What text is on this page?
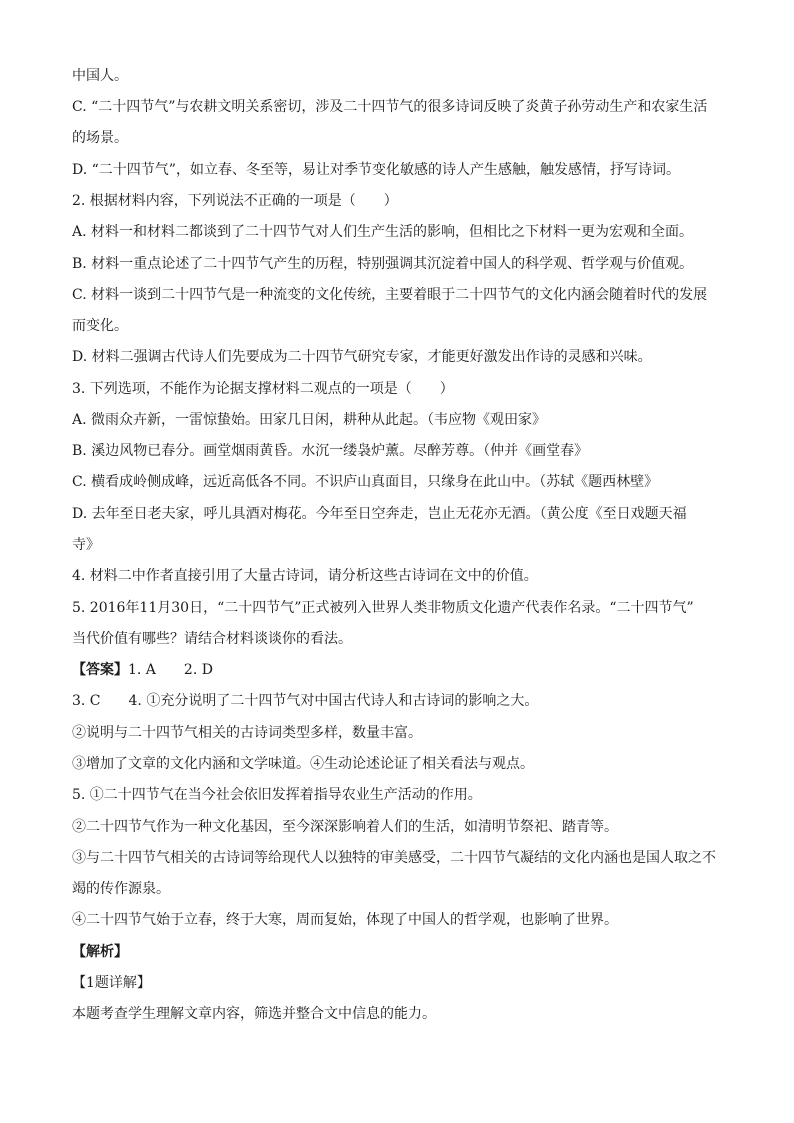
中国人。
C. “二十四节气”与农耕文明关系密切，涉及二十四节气的很多诗词反映了炎黄子孙劳动生产和农家生活
的场景。
D. “二十四节气”，如立春、冬至等，易让对季节变化敏感的诗人产生感触，触发感情，抒写诗词。
2. 根据材料内容，下列说法不正确的一项是（　　）
A. 材料一和材料二都谈到了二十四节气对人们生产生活的影响，但相比之下材料一更为宏观和全面。
B. 材料一重点论述了二十四节气产生的历程，特别强调其沉淀着中国人的科学观、哲学观与价值观。
C. 材料一谈到二十四节气是一种流变的文化传统，主要着眼于二十四节气的文化内涵会随着时代的发展
而变化。
D. 材料二强调古代诗人们先要成为二十四节气研究专家，才能更好激发出作诗的灵感和兴味。
3. 下列选项，不能作为论据支撑材料二观点的一项是（　　）
A. 微雨众卉新，一雷惊蛰始。田家几日闲，耕种从此起。（韦应物《观田家》
B. 溪边风物已春分。画堂烟雨黄昏。水沉一缕袅炉薰。尽醉芳尊。（仲并《画堂春》
C. 横看成岭侧成峰，远近高低各不同。不识庐山真面目，只缘身在此山中。（苏轼《题西林壁》
D. 去年至日老夫家，呼儿具酒对梅花。今年至日空奔走，岂止无花亦无酒。（黄公度《至日戏题天福
寺》
4. 材料二中作者直接引用了大量古诗词，请分析这些古诗词在文中的价值。
5. 2016年11月30日，“二十四节气”正式被列入世界人类非物质文化遗产代表作名录。“二十四节气”
当代价值有哪些？请结合材料谈谈你的看法。
【答案】1. A　　2. D
3. C　　4. ①充分说明了二十四节气对中国古代诗人和古诗词的影响之大。
②说明与二十四节气相关的古诗词类型多样，数量丰富。
③增加了文章的文化内涵和文学味道。④生动论述论证了相关看法与观点。
5. ①二十四节气在当今社会依旧发挥着指导农业生产活动的作用。
②二十四节气作为一种文化基因，至今深深影响着人们的生活，如清明节祭祀、踏青等。
③与二十四节气相关的古诗词等给现代人以独特的审美感受，二十四节气凝结的文化内涵也是国人取之不
竭的传作源泉。
④二十四节气始于立春，终于大寒，周而复始，体现了中国人的哲学观，也影响了世界。
【解析】
【1题详解】
本题考查学生理解文章内容，筛选并整合文中信息的能力。
